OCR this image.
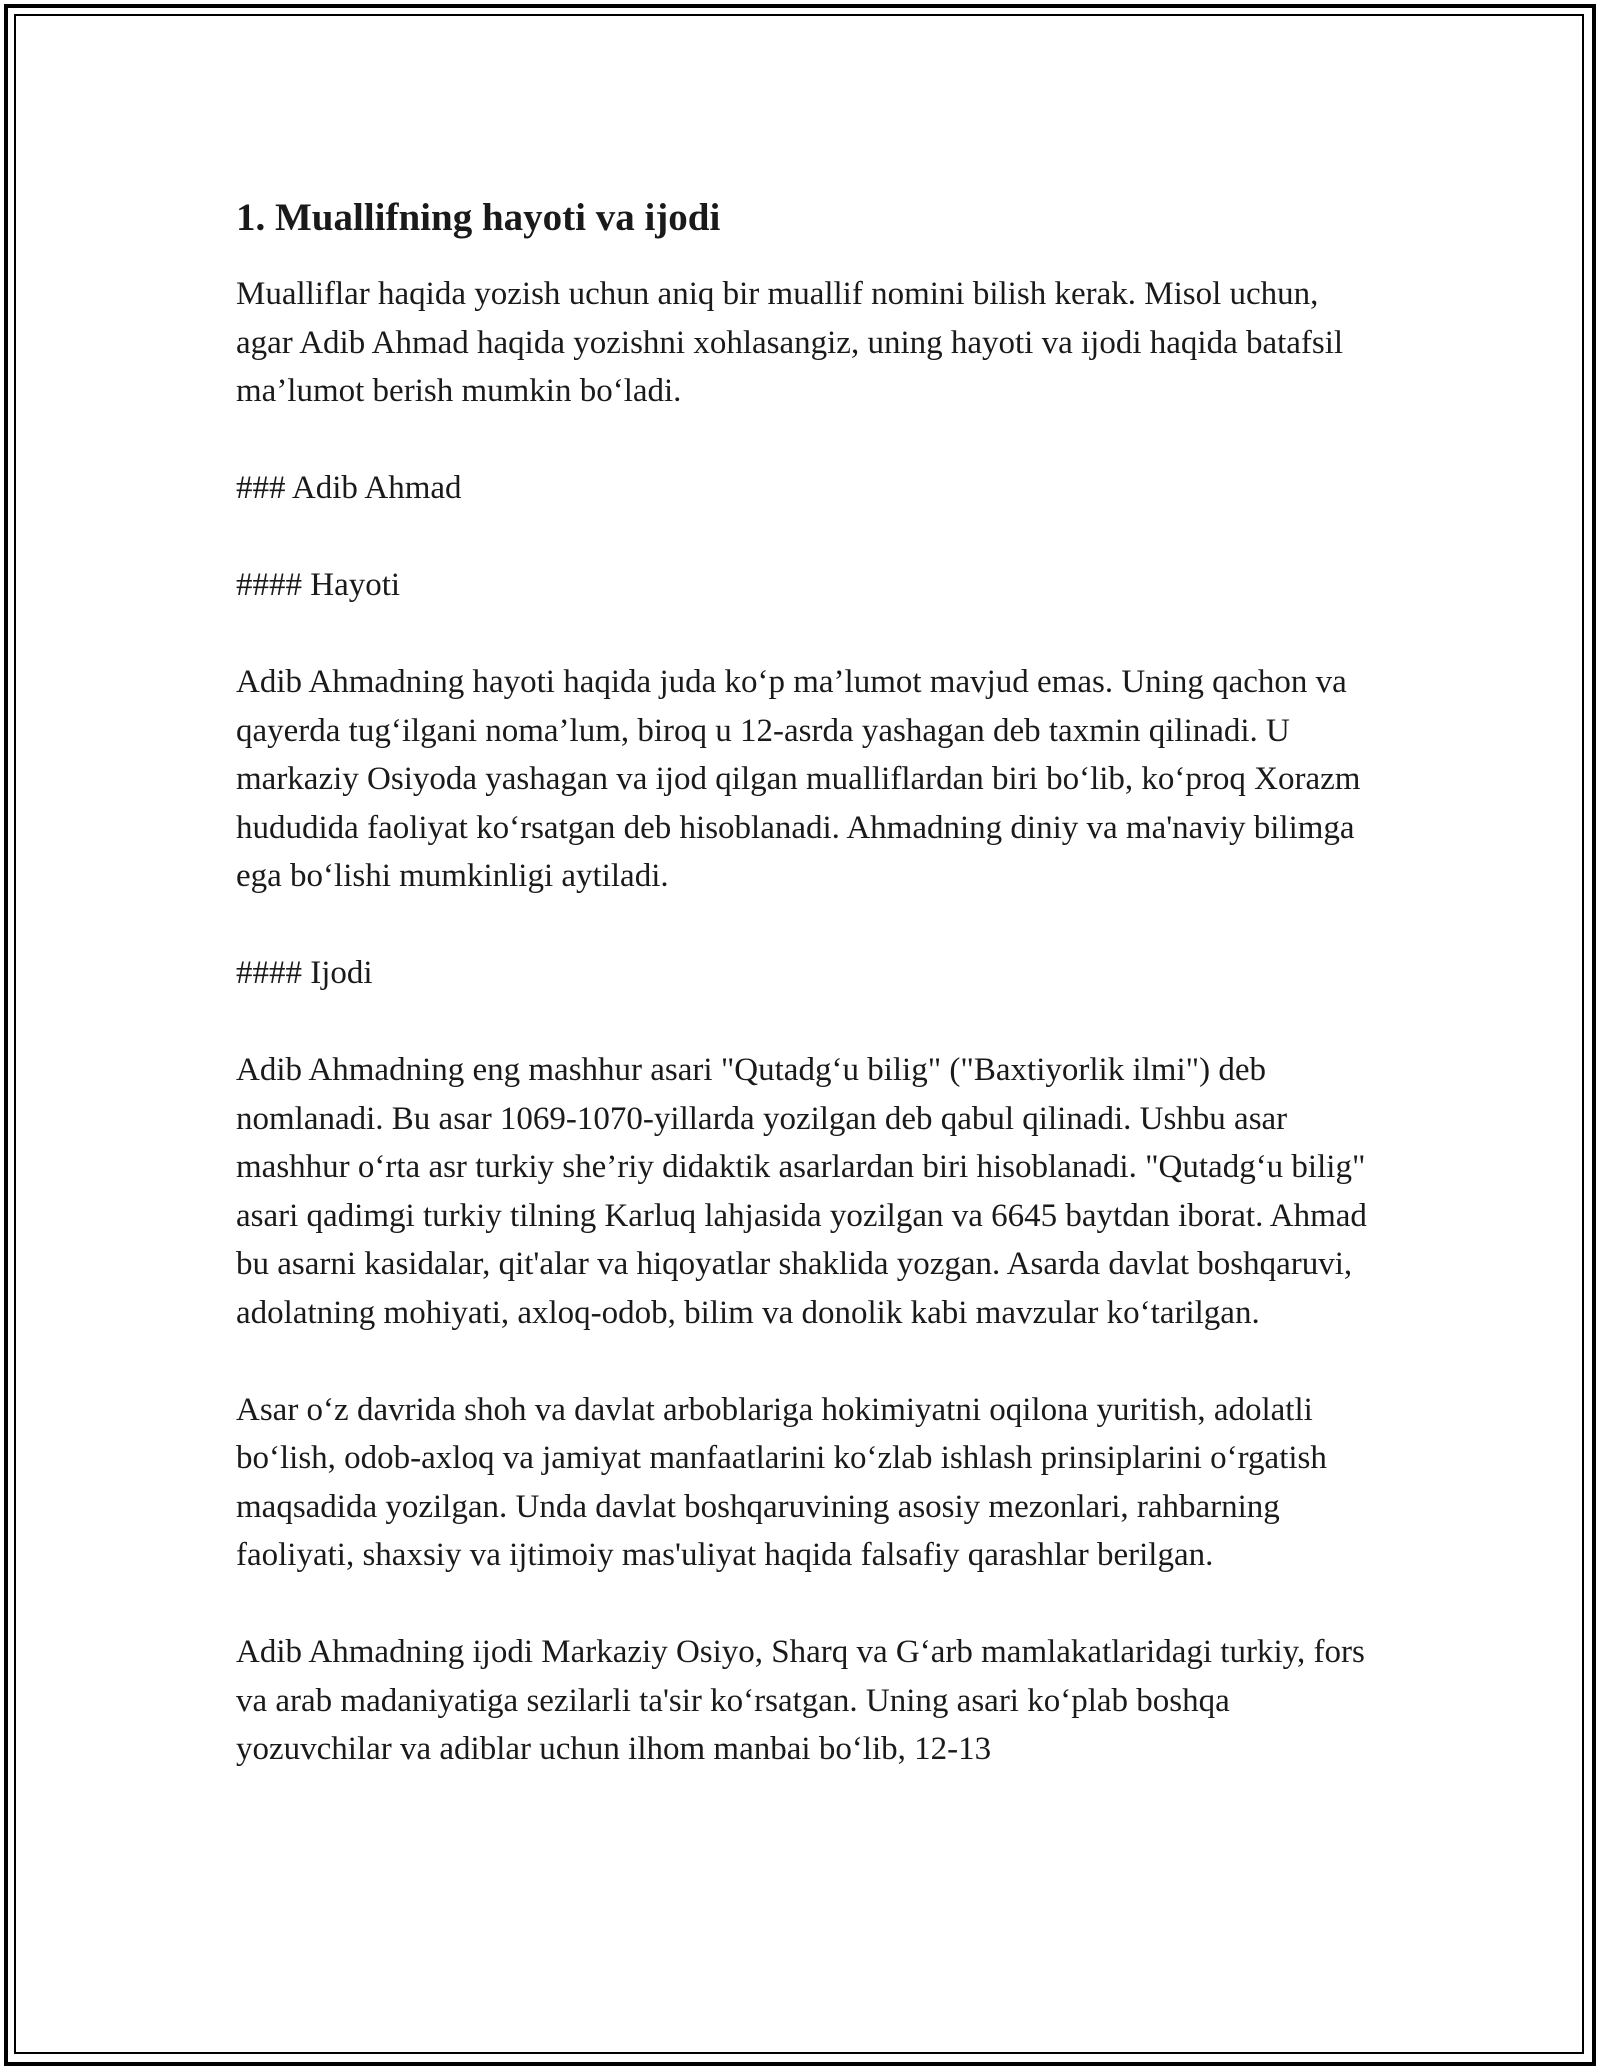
1. Muallifning hayoti va ijodi

Mualliflar haqida yozish uchun aniq bir muallif nomini bilish kerak. Misol uchun, agar Adib Ahmad haqida yozishni xohlasangiz, uning hayoti va ijodi haqida batafsil ma’lumot berish mumkin bo‘ladi.

### Adib Ahmad

#### Hayoti

Adib Ahmadning hayoti haqida juda ko‘p ma’lumot mavjud emas. Uning qachon va qayerda tug‘ilgani noma’lum, biroq u 12-asrda yashagan deb taxmin qilinadi. U markaziy Osiyoda yashagan va ijod qilgan mualliflardan biri bo‘lib, ko‘proq Xorazm hududida faoliyat ko‘rsatgan deb hisoblanadi. Ahmadning diniy va ma'naviy bilimga ega bo‘lishi mumkinligi aytiladi.

#### Ijodi

Adib Ahmadning eng mashhur asari "Qutadg‘u bilig" ("Baxtiyorlik ilmi") deb nomlanadi. Bu asar 1069-1070-yillarda yozilgan deb qabul qilinadi. Ushbu asar mashhur o‘rta asr turkiy she’riy didaktik asarlardan biri hisoblanadi. "Qutadg‘u bilig" asari qadimgi turkiy tilning Karluq lahjasida yozilgan va 6645 baytdan iborat. Ahmad bu asarni kasidalar, qit'alar va hiqoyatlar shaklida yozgan. Asarda davlat boshqaruvi, adolatning mohiyati, axloq-odob, bilim va donolik kabi mavzular ko‘tarilgan.

Asar o‘z davrida shoh va davlat arboblariga hokimiyatni oqilona yuritish, adolatli bo‘lish, odob-axloq va jamiyat manfaatlarini ko‘zlab ishlash prinsiplarini o‘rgatish maqsadida yozilgan. Unda davlat boshqaruvining asosiy mezonlari, rahbarning faoliyati, shaxsiy va ijtimoiy mas'uliyat haqida falsafiy qarashlar berilgan.

Adib Ahmadning ijodi Markaziy Osiyo, Sharq va G‘arb mamlakatlaridagi turkiy, fors va arab madaniyatiga sezilarli ta'sir ko‘rsatgan. Uning asari ko‘plab boshqa yozuvchilar va adiblar uchun ilhom manbai bo‘lib, 12-13
